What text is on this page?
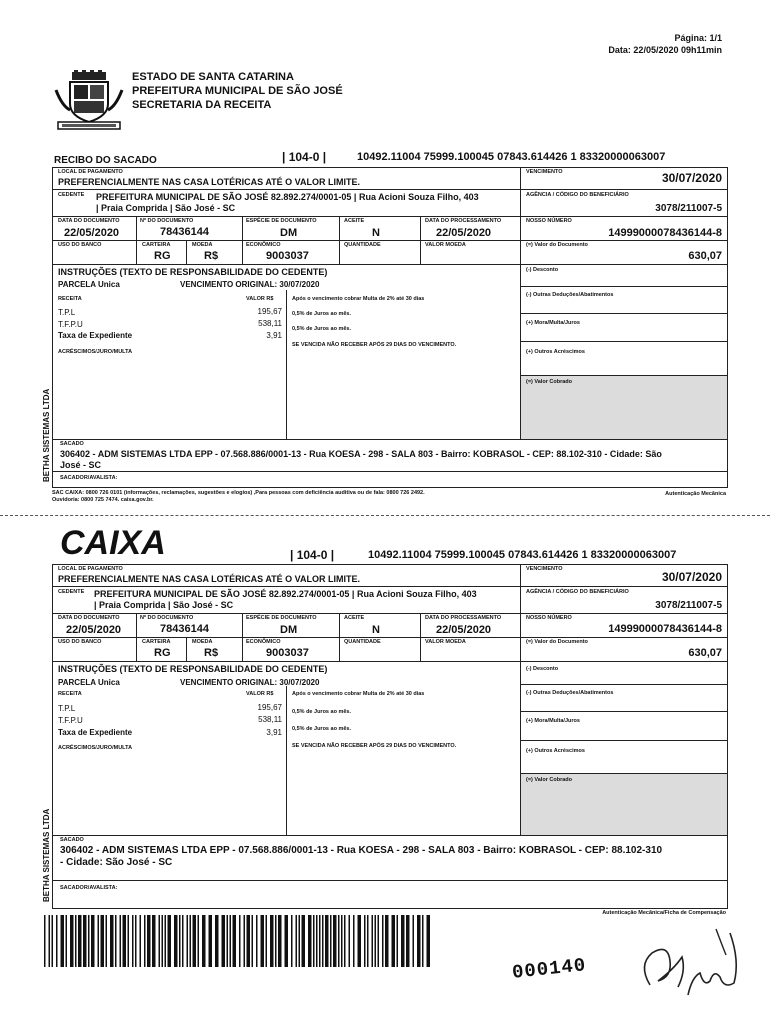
Página: 1/1
Data: 22/05/2020 09h11min
ESTADO DE SANTA CATARINA
PREFEITURA MUNICIPAL DE SÃO JOSÉ
SECRETARIA DA RECEITA
RECIBO DO SACADO	| 104-0 |	10492.11004 75999.100045 07843.614426 1 83320000063007
LOCAL DE PAGAMENTO
PREFERENCIALMENTE NAS CASA LOTÉRICAS ATÉ O VALOR LIMITE.
VENCIMENTO	30/07/2020
CEDENTE PREFEITURA MUNICIPAL DE SÃO JOSÉ 82.892.274/0001-05 | Rua Acioni Souza Filho, 403
| Praia Comprida | São José - SC
AGÊNCIA / CÓDIGO DO BENEFICIÁRIO
3078/211007-5
DATA DO DOCUMENTO
22/05/2020
Nº DO DOCUMENTO
78436144
ESPÉCIE DE DOCUMENTO
DM
ACEITE
N
DATA DO PROCESSAMENTO
22/05/2020
NOSSO NÚMERO
14999000078436144-8
USO DO BANCO	CARTEIRA
RG
MOEDA
R$
ECONÔMICO
9003037
QUANTIDADE	VALOR MOEDA	(=) Valor do Documento
630,07
INSTRUÇÕES (TEXTO DE RESPONSABILIDADE DO CEDENTE)
PARCELA Unica	VENCIMENTO ORIGINAL: 30/07/2020
RECEITA	VALOR R$
T.P.L	195,67
T.F.P.U	538,11
Taxa de Expediente	3,91
ACRÉSCIMOS/JURO/MULTA
Após o vencimento cobrar Multa de 2% até 30 dias
0,5% de Juros ao mês.
0,5% de Juros ao mês.
SE VENCIDA NÃO RECEBER APÓS 29 DIAS DO VENCIMENTO.
(-) Desconto
(-) Outras Deduções/Abatimentos
(+) Mora/Multa/Juros
(+) Outros Acréscimos
(=) Valor Cobrado
SACADO
306402 - ADM SISTEMAS LTDA EPP - 07.568.886/0001-13 - Rua KOESA - 298 - SALA 803 - Bairro: KOBRASOL - CEP: 88.102-310 - Cidade: São
José - SC
SACADOR/AVALISTA:
BETHA SISTEMAS LTDA
SAC CAIXA: 0800 726 0101 (informações, reclamações, sugestões e elogios) ,Para pessoas com deficiência auditiva ou de fala: 0800 726 2492.
Ouvidoria: 0800 725 7474. caixa.gov.br.
Autenticação Mecânica
CAIXA	| 104-0 |	10492.11004 75999.100045 07843.614426 1 83320000063007
LOCAL DE PAGAMENTO
PREFERENCIALMENTE NAS CASA LOTÉRICAS ATÉ O VALOR LIMITE.
VENCIMENTO
30/07/2020
CEDENTE PREFEITURA MUNICIPAL DE SÃO JOSÉ 82.892.274/0001-05 | Rua Acioni Souza Filho, 403
| Praia Comprida | São José - SC
AGÊNCIA / CÓDIGO DO BENEFICIÁRIO
3078/211007-5
DATA DO DOCUMENTO
22/05/2020
Nº DO DOCUMENTO
78436144
ESPÉCIE DE DOCUMENTO
DM
ACEITE
N
DATA DO PROCESSAMENTO
22/05/2020
NOSSO NÚMERO
14999000078436144-8
USO DO BANCO	CARTEIRA
RG
MOEDA
R$
ECONÔMICO
9003037
QUANTIDADE	VALOR MOEDA	(=) Valor do Documento
630,07
INSTRUÇÕES (TEXTO DE RESPONSABILIDADE DO CEDENTE)
PARCELA Unica	VENCIMENTO ORIGINAL: 30/07/2020
RECEITA	VALOR R$
T.P.L	195,67
T.F.P.U	538,11
Taxa de Expediente	3,91
ACRÉSCIMOS/JURO/MULTA
Após o vencimento cobrar Multa de 2% até 30 dias
0,5% de Juros ao mês.
0,5% de Juros ao mês.
SE VENCIDA NÃO RECEBER APÓS 29 DIAS DO VENCIMENTO.
(-) Desconto
(-) Outras Deduções/Abatimentos
(+) Mora/Multa/Juros
(+) Outros Acréscimos
(=) Valor Cobrado
SACADO
306402 - ADM SISTEMAS LTDA EPP - 07.568.886/0001-13 - Rua KOESA - 298 - SALA 803 - Bairro: KOBRASOL - CEP: 88.102-310
- Cidade: São José - SC
SACADOR/AVALISTA:
BETHA SISTEMAS LTDA
Autenticação Mecânica/Ficha de Compensação
000140
